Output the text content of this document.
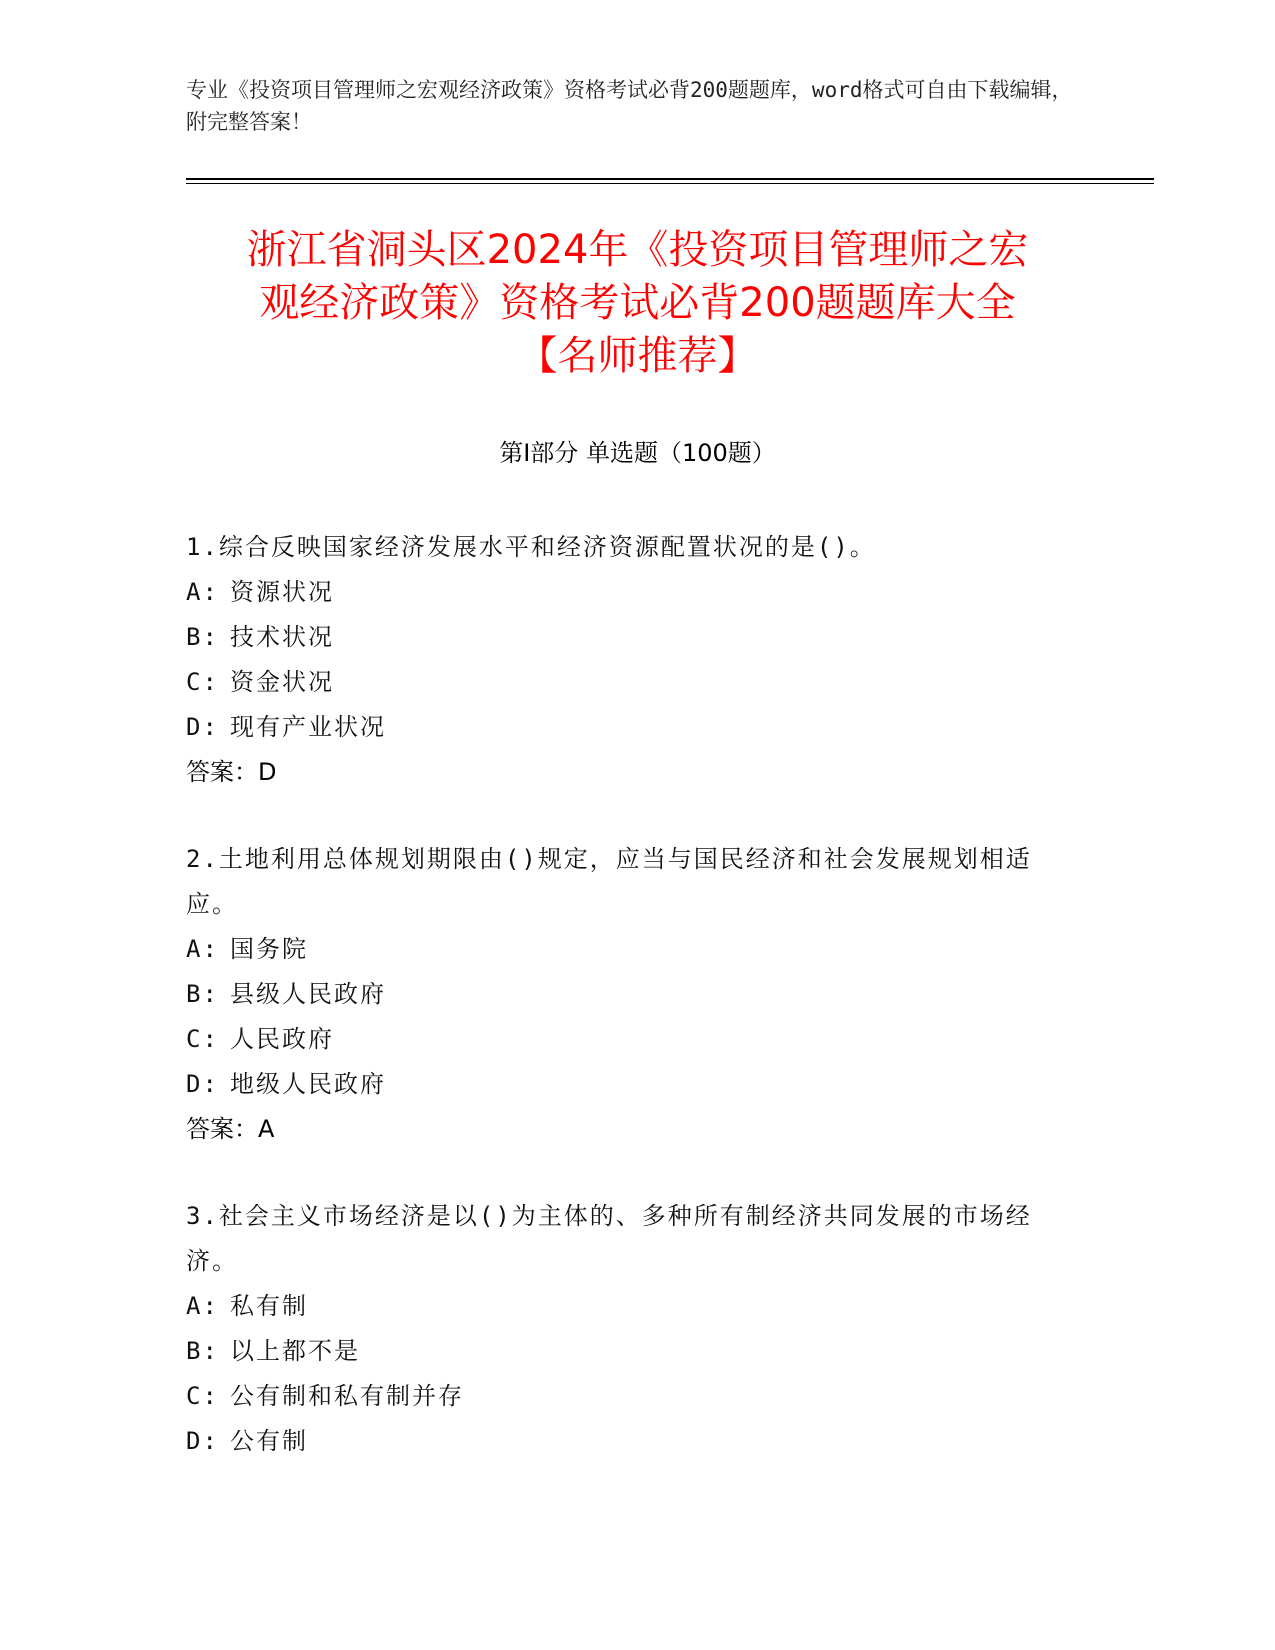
专业《投资项目管理师之宏观经济政策》资格考试必背200题题库，word格式可自由下载编辑，附完整答案！
浙江省洞头区2024年《投资项目管理师之宏
观经济政策》资格考试必背200题题库大全
【名师推荐】
第I部分 单选题（100题）
1.综合反映国家经济发展水平和经济资源配置状况的是()。
A: 资源状况
B: 技术状况
C: 资金状况
D: 现有产业状况
答案：D
2.土地利用总体规划期限由()规定，应当与国民经济和社会发展规划相适应。
A: 国务院
B: 县级人民政府
C: 人民政府
D: 地级人民政府
答案：A
3.社会主义市场经济是以()为主体的、多种所有制经济共同发展的市场经济。
A: 私有制
B: 以上都不是
C: 公有制和私有制并存
D: 公有制
